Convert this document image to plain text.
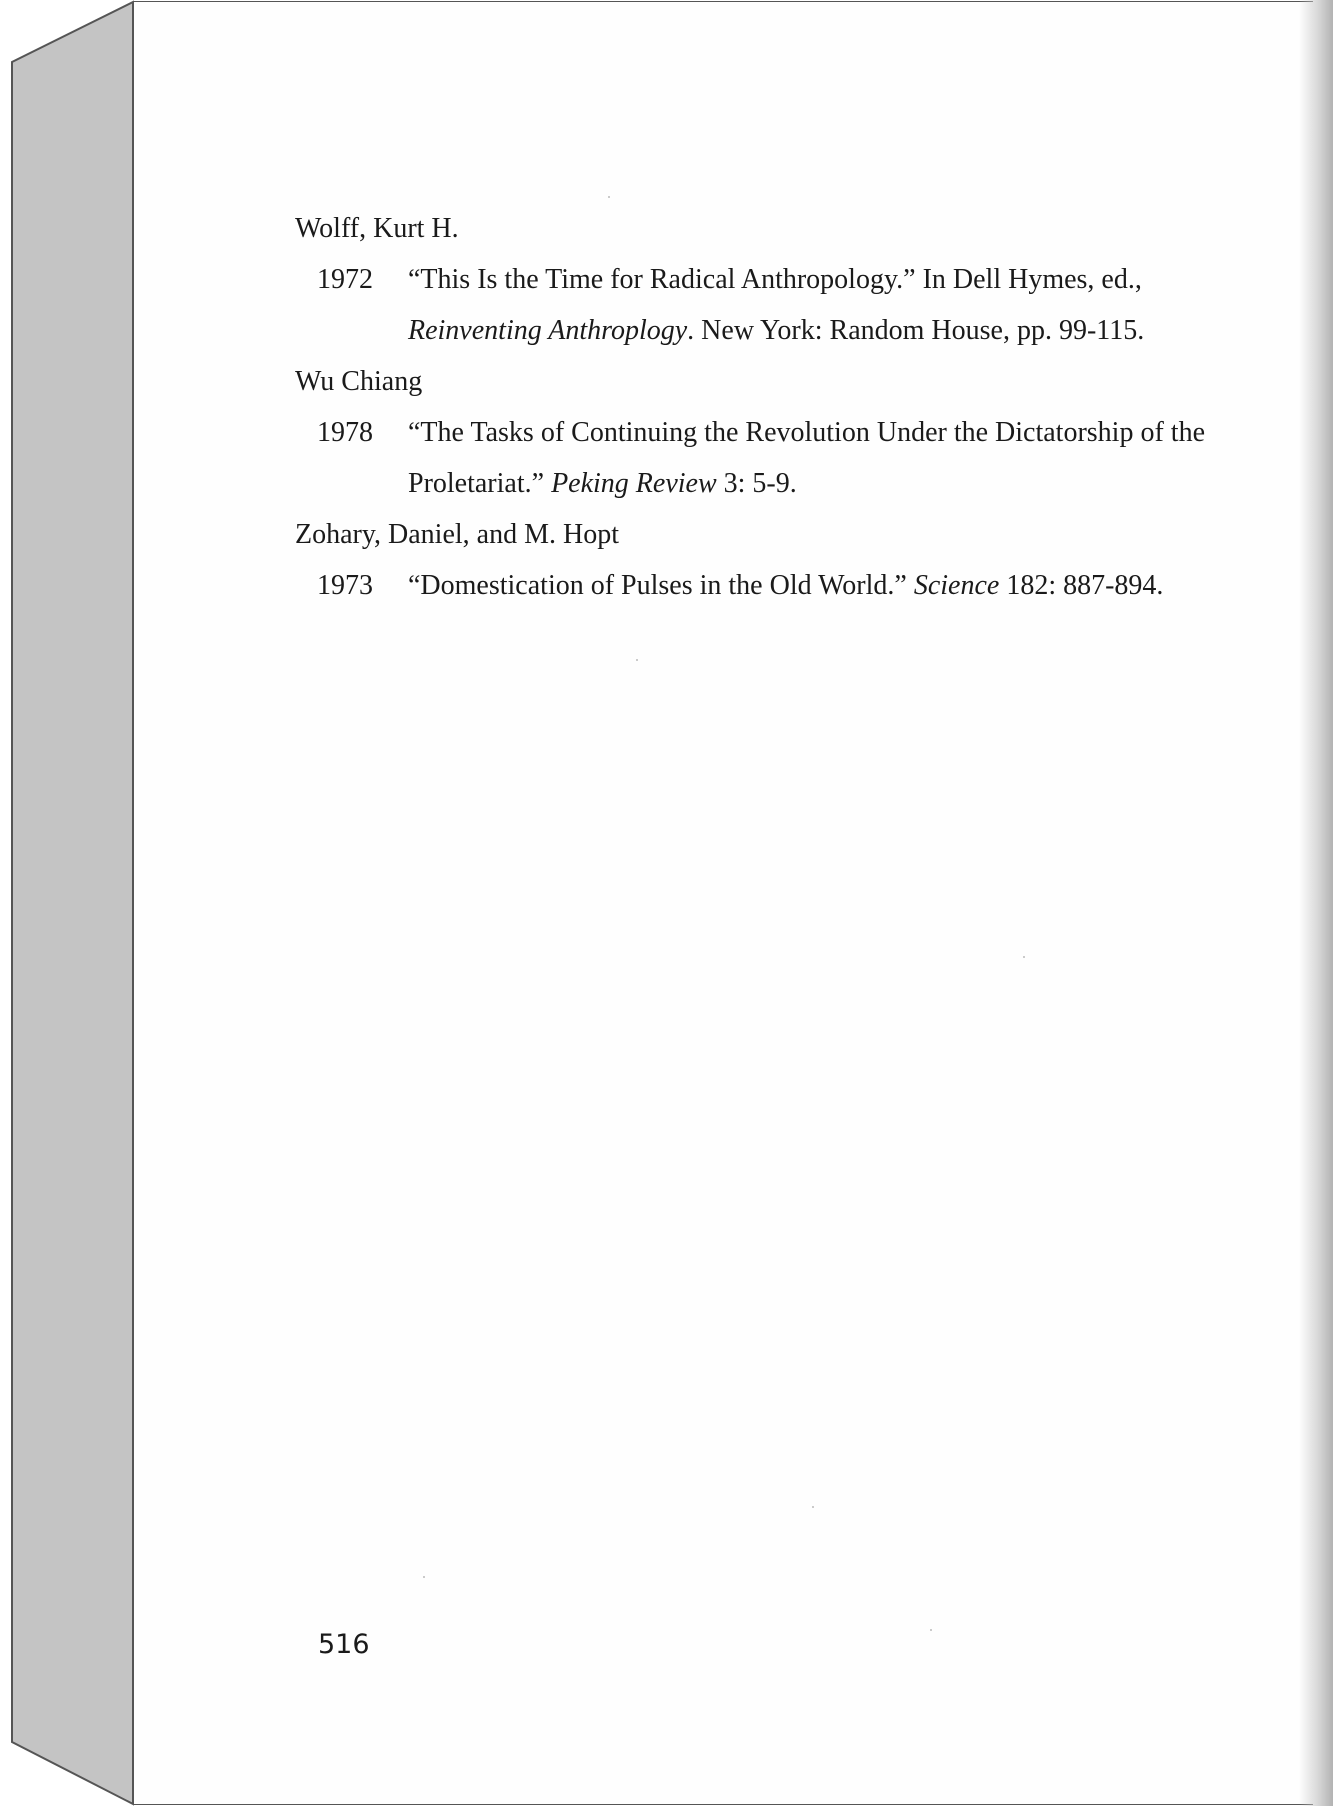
Wolff, Kurt H.

1972 “This Is the Time for Radical Anthropology.” In Dell Hymes, ed.,
Reinventing Anthroplogy. New York: Random House, pp. 99-115.

Wu Chiang

1978 “The Tasks of Continuing the Revolution Under the Dictatorship of the Proletariat.” Peking Review 3: 5-9.

Zohary, Daniel, and M. Hopt

1973 “Domestication of Pulses in the Old World.” Science 182: 887-894.

516
